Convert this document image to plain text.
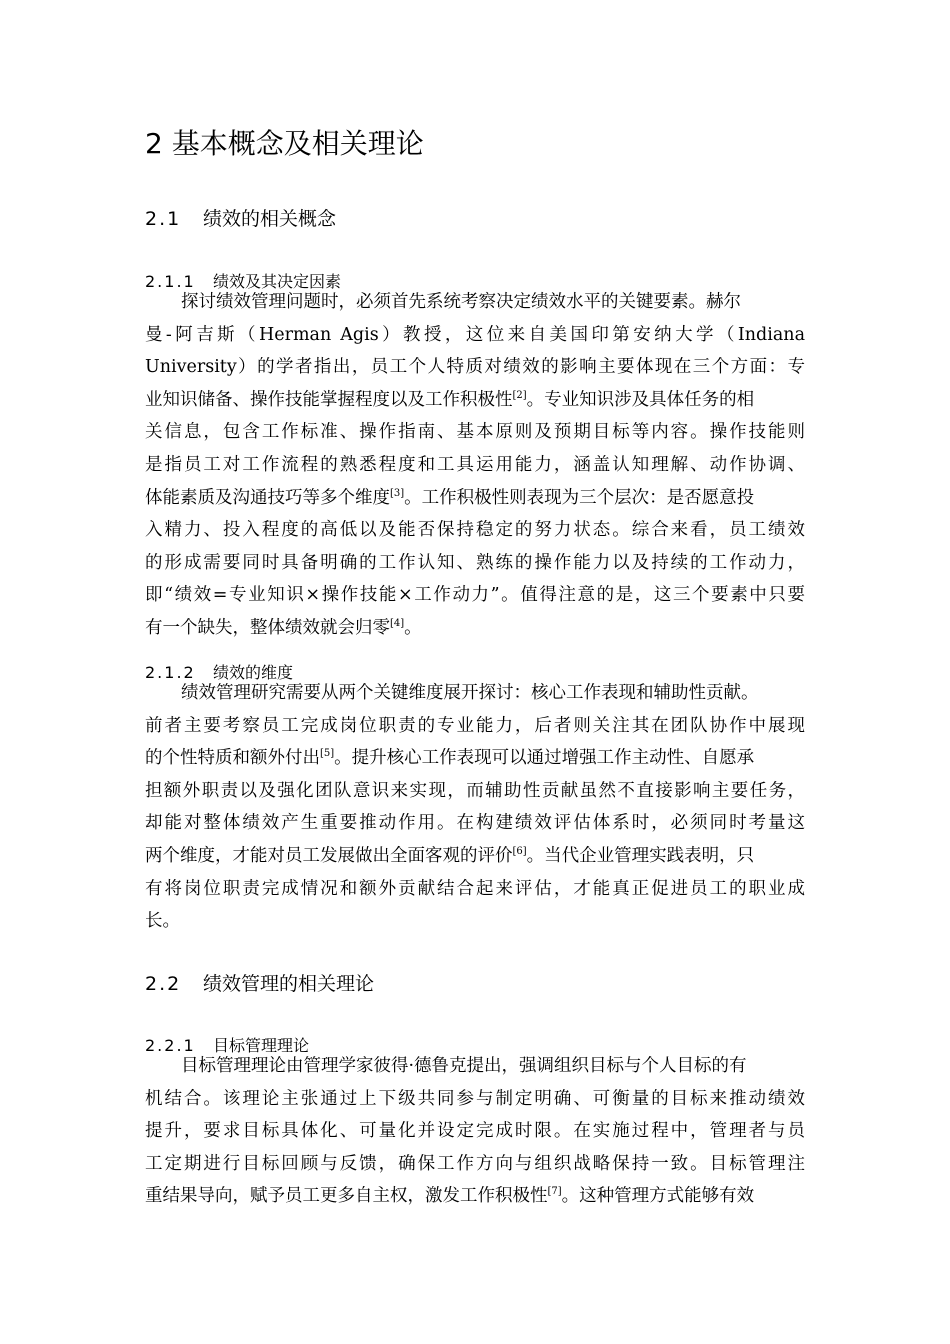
2 基本概念及相关理论
2.1 绩效的相关概念
2.1.1 绩效及其决定因素
探讨绩效管理问题时，必须首先系统考察决定绩效水平的关键要素。赫尔
曼-阿吉斯（Herman Agis）教授，这位来自美国印第安纳大学（Indiana
University）的学者指出，员工个人特质对绩效的影响主要体现在三个方面：专
业知识储备、操作技能掌握程度以及工作积极性[2]。专业知识涉及具体任务的相
关信息，包含工作标准、操作指南、基本原则及预期目标等内容。操作技能则
是指员工对工作流程的熟悉程度和工具运用能力，涵盖认知理解、动作协调、
体能素质及沟通技巧等多个维度[3]。工作积极性则表现为三个层次：是否愿意投
入精力、投入程度的高低以及能否保持稳定的努力状态。综合来看，员工绩效
的形成需要同时具备明确的工作认知、熟练的操作能力以及持续的工作动力，
即“绩效=专业知识×操作技能×工作动力”。值得注意的是，这三个要素中只要
有一个缺失，整体绩效就会归零[4]。
2.1.2 绩效的维度
绩效管理研究需要从两个关键维度展开探讨：核心工作表现和辅助性贡献。
前者主要考察员工完成岗位职责的专业能力，后者则关注其在团队协作中展现
的个性特质和额外付出[5]。提升核心工作表现可以通过增强工作主动性、自愿承
担额外职责以及强化团队意识来实现，而辅助性贡献虽然不直接影响主要任务，
却能对整体绩效产生重要推动作用。在构建绩效评估体系时，必须同时考量这
两个维度，才能对员工发展做出全面客观的评价[6]。当代企业管理实践表明，只
有将岗位职责完成情况和额外贡献结合起来评估，才能真正促进员工的职业成
长。
2.2 绩效管理的相关理论
2.2.1 目标管理理论
目标管理理论由管理学家彼得·德鲁克提出，强调组织目标与个人目标的有
机结合。该理论主张通过上下级共同参与制定明确、可衡量的目标来推动绩效
提升，要求目标具体化、可量化并设定完成时限。在实施过程中，管理者与员
工定期进行目标回顾与反馈，确保工作方向与组织战略保持一致。目标管理注
重结果导向，赋予员工更多自主权，激发工作积极性[7]。这种管理方式能够有效
